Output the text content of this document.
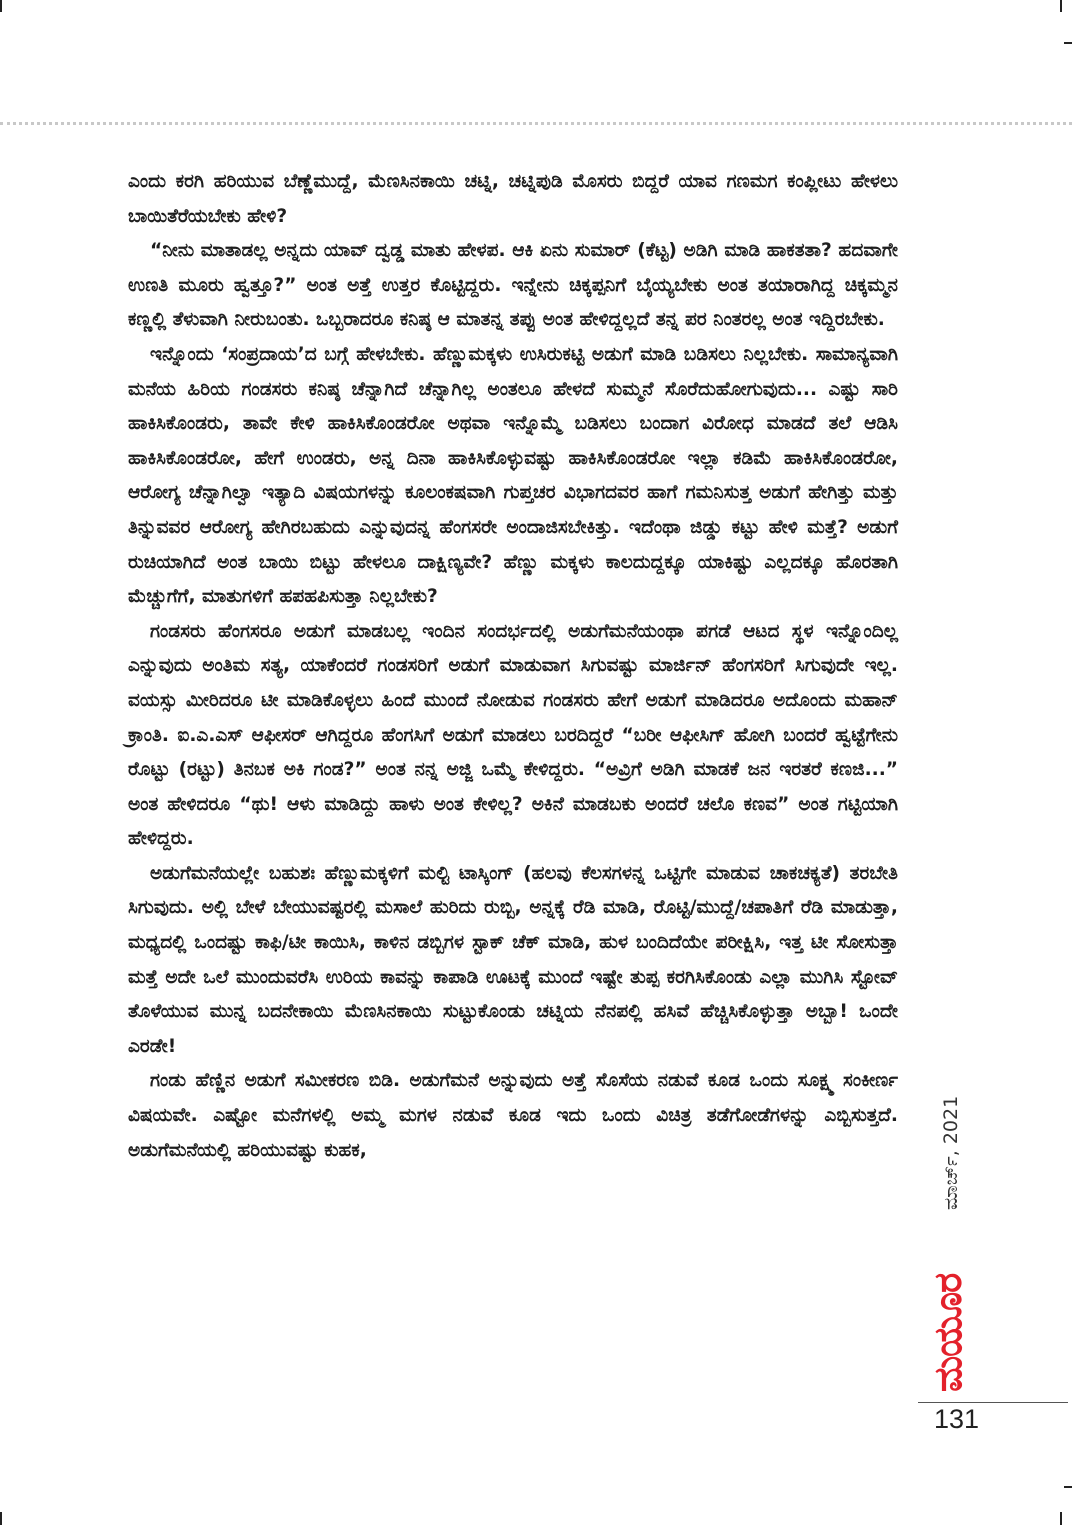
ಎಂದು ಕರಗಿ ಹರಿಯುವ ಬೆಣ್ಣೆಮುದ್ದೆ, ಮೆಣಸಿನಕಾಯಿ ಚಟ್ನಿ, ಚಟ್ನಿಪುಡಿ ಮೊಸರು ಬಿದ್ದರೆ ಯಾವ ಗಣಮಗ ಕಂಪ್ಲೀಟು ಹೇಳಲು ಬಾಯಿತೆರೆಯಬೇಕು ಹೇಳಿ?

“ನೀನು ಮಾತಾಡಲ್ಲ ಅನ್ನದು ಯಾವ್ ದ್ವಡ್ಡ ಮಾತು ಹೇಳಪ. ಆಕಿ ಏನು ಸುಮಾರ್ (ಕೆಟ್ಟ) ಅಡಿಗಿ ಮಾಡಿ ಹಾಕತತಾ? ಹದವಾಗೇ ಉಣತಿ ಮೂರು ಹ್ವತ್ತೂ?” ಅಂತ ಅತ್ತೆ ಉತ್ತರ ಕೊಟ್ಟಿದ್ದರು. ಇನ್ನೇನು ಚಿಕ್ಕಪ್ಪನಿಗೆ ಬೈಯ್ಯಬೇಕು ಅಂತ ತಯಾರಾಗಿದ್ದ ಚಿಕ್ಕಮ್ಮನ ಕಣ್ಣಲ್ಲಿ ತೆಳುವಾಗಿ ನೀರುಬಂತು. ಒಬ್ಬರಾದರೂ ಕನಿಷ್ಠ ಆ ಮಾತನ್ನ ತಪ್ಪು ಅಂತ ಹೇಳಿದ್ದಲ್ಲದೆ ತನ್ನ ಪರ ನಿಂತರಲ್ಲ ಅಂತ ಇದ್ದಿರಬೇಕು.

ಇನ್ನೊಂದು ‘ಸಂಪ್ರದಾಯ’ದ ಬಗ್ಗೆ ಹೇಳಬೇಕು. ಹೆಣ್ಣುಮಕ್ಕಳು ಉಸಿರುಕಟ್ಟಿ ಅಡುಗೆ ಮಾಡಿ ಬಡಿಸಲು ನಿಲ್ಲಬೇಕು. ಸಾಮಾನ್ಯವಾಗಿ ಮನೆಯ ಹಿರಿಯ ಗಂಡಸರು ಕನಿಷ್ಠ ಚೆನ್ನಾಗಿದೆ ಚೆನ್ನಾಗಿಲ್ಲ ಅಂತಲೂ ಹೇಳದೆ ಸುಮ್ಮನೆ ಸೊರೆದುಹೋಗುವುದು... ಎಷ್ಟು ಸಾರಿ ಹಾಕಿಸಿಕೊಂಡರು, ತಾವೇ ಕೇಳಿ ಹಾಕಿಸಿಕೊಂಡರೋ ಅಥವಾ ಇನ್ನೊಮ್ಮೆ ಬಡಿಸಲು ಬಂದಾಗ ವಿರೋಧ ಮಾಡದೆ ತಲೆ ಆಡಿಸಿ ಹಾಕಿಸಿಕೊಂಡರೋ, ಹೇಗೆ ಉಂಡರು, ಅನ್ನ ದಿನಾ ಹಾಕಿಸಿಕೊಳ್ಳುವಷ್ಟು ಹಾಕಿಸಿಕೊಂಡರೋ ಇಲ್ಲಾ ಕಡಿಮೆ ಹಾಕಿಸಿಕೊಂಡರೋ, ಆರೋಗ್ಯ ಚೆನ್ನಾಗಿಲ್ವಾ ಇತ್ಯಾದಿ ವಿಷಯಗಳನ್ನು ಕೂಲಂಕಷವಾಗಿ ಗುಪ್ತಚರ ವಿಭಾಗದವರ ಹಾಗೆ ಗಮನಿಸುತ್ತ ಅಡುಗೆ ಹೇಗಿತ್ತು ಮತ್ತು ತಿನ್ನುವವರ ಆರೋಗ್ಯ ಹೇಗಿರಬಹುದು ಎನ್ನುವುದನ್ನ ಹೆಂಗಸರೇ ಅಂದಾಜಿಸಬೇಕಿತ್ತು. ಇದೆಂಥಾ ಜಿಡ್ಡು ಕಟ್ಟು ಹೇಳಿ ಮತ್ತೆ? ಅಡುಗೆ ರುಚಿಯಾಗಿದೆ ಅಂತ ಬಾಯಿ ಬಿಟ್ಟು ಹೇಳಲೂ ದಾಕ್ಷಿಣ್ಯವೇ? ಹೆಣ್ಣು ಮಕ್ಕಳು ಕಾಲದುದ್ದಕ್ಕೂ ಯಾಕಿಷ್ಟು ಎಲ್ಲದಕ್ಕೂ ಹೊರತಾಗಿ ಮೆಚ್ಚುಗೆಗೆ, ಮಾತುಗಳಿಗೆ ಹಪಹಪಿಸುತ್ತಾ ನಿಲ್ಲಬೇಕು?

ಗಂಡಸರು ಹೆಂಗಸರೂ ಅಡುಗೆ ಮಾಡಬಲ್ಲ ಇಂದಿನ ಸಂದರ್ಭದಲ್ಲಿ ಅಡುಗೆಮನೆಯಂಥಾ ಪಗಡೆ ಆಟದ ಸ್ಥಳ ಇನ್ನೊಂದಿಲ್ಲ ಎನ್ನುವುದು ಅಂತಿಮ ಸತ್ಯ, ಯಾಕೆಂದರೆ ಗಂಡಸರಿಗೆ ಅಡುಗೆ ಮಾಡುವಾಗ ಸಿಗುವಷ್ಟು ಮಾರ್ಜಿನ್ ಹೆಂಗಸರಿಗೆ ಸಿಗುವುದೇ ಇಲ್ಲ. ವಯಸ್ಸು ಮೀರಿದರೂ ಟೀ ಮಾಡಿಕೊಳ್ಳಲು ಹಿಂದೆ ಮುಂದೆ ನೋಡುವ ಗಂಡಸರು ಹೇಗೆ ಅಡುಗೆ ಮಾಡಿದರೂ ಅದೊಂದು ಮಹಾನ್ ಕ್ರಾಂತಿ. ಐ.ಎ.ಎಸ್ ಆಫೀಸರ್ ಆಗಿದ್ದರೂ ಹೆಂಗಸಿಗೆ ಅಡುಗೆ ಮಾಡಲು ಬರದಿದ್ದರೆ “ಬರೀ ಆಫೀಸಿಗ್ ಹೋಗಿ ಬಂದರೆ ಹ್ವಟ್ಟೆಗೇನು ರೊಟ್ಟು (ರಟ್ಟು) ತಿನಬಕ ಅಕಿ ಗಂಡ?” ಅಂತ ನನ್ನ ಅಜ್ಜಿ ಒಮ್ಮೆ ಕೇಳಿದ್ದರು. “ಅವ್ರಿಗೆ ಅಡಿಗಿ ಮಾಡಕೆ ಜನ ಇರತರೆ ಕಣಜಿ...” ಅಂತ ಹೇಳಿದರೂ “ಥು! ಆಳು ಮಾಡಿದ್ದು ಹಾಳು ಅಂತ ಕೇಳಿಲ್ಲ? ಅಕಿನೆ ಮಾಡಬಕು ಅಂದರೆ ಚಲೊ ಕಣವ” ಅಂತ ಗಟ್ಟಿಯಾಗಿ ಹೇಳಿದ್ದರು.

ಅಡುಗೆಮನೆಯಲ್ಲೇ ಬಹುಶಃ ಹೆಣ್ಣುಮಕ್ಕಳಿಗೆ ಮಲ್ಟಿ ಟಾಸ್ಕಿಂಗ್ (ಹಲವು ಕೆಲಸಗಳನ್ನ ಒಟ್ಟಿಗೇ ಮಾಡುವ ಚಾಕಚಕ್ಯತೆ) ತರಬೇತಿ ಸಿಗುವುದು. ಅಲ್ಲಿ ಬೇಳೆ ಬೇಯುವಷ್ಟರಲ್ಲಿ ಮಸಾಲೆ ಹುರಿದು ರುಬ್ಬಿ, ಅನ್ನಕ್ಕೆ ರೆಡಿ ಮಾಡಿ, ರೊಟ್ಟಿ/ಮುದ್ದೆ/ಚಪಾತಿಗೆ ರೆಡಿ ಮಾಡುತ್ತಾ, ಮಧ್ಯದಲ್ಲಿ ಒಂದಷ್ಟು ಕಾಫಿ/ಟೀ ಕಾಯಿಸಿ, ಕಾಳಿನ ಡಬ್ಬಿಗಳ ಸ್ಟಾಕ್ ಚೆಕ್ ಮಾಡಿ, ಹುಳ ಬಂದಿದೆಯೇ ಪರೀಕ್ಷಿಸಿ, ಇತ್ತ ಟೀ ಸೋಸುತ್ತಾ ಮತ್ತೆ ಅದೇ ಒಲೆ ಮುಂದುವರೆಸಿ ಉರಿಯ ಕಾವನ್ನು ಕಾಪಾಡಿ ಊಟಕ್ಕೆ ಮುಂದೆ ಇಷ್ಟೇ ತುಪ್ಪ ಕರಗಿಸಿಕೊಂಡು ಎಲ್ಲಾ ಮುಗಿಸಿ ಸ್ಟೋವ್ ತೊಳೆಯುವ ಮುನ್ನ ಬದನೇಕಾಯಿ ಮೆಣಸಿನಕಾಯಿ ಸುಟ್ಟುಕೊಂಡು ಚಟ್ನಿಯ ನೆನಪಲ್ಲಿ ಹಸಿವೆ ಹೆಚ್ಚಿಸಿಕೊಳ್ಳುತ್ತಾ ಅಬ್ಬಾ! ಒಂದೇ ಎರಡೇ!

ಗಂಡು ಹೆಣ್ಣಿನ ಅಡುಗೆ ಸಮೀಕರಣ ಬಿಡಿ. ಅಡುಗೆಮನೆ ಅನ್ನುವುದು ಅತ್ತೆ ಸೊಸೆಯ ನಡುವೆ ಕೂಡ ಒಂದು ಸೂಕ್ಷ್ಮ ಸಂಕೀರ್ಣ ವಿಷಯವೇ. ಎಷ್ಟೋ ಮನೆಗಳಲ್ಲಿ ಅಮ್ಮ ಮಗಳ ನಡುವೆ ಕೂಡ ಇದು ಒಂದು ವಿಚಿತ್ರ ತಡೆಗೋಡೆಗಳನ್ನು ಎಬ್ಬಿಸುತ್ತದೆ. ಅಡುಗೆಮನೆಯಲ್ಲಿ ಹರಿಯುವಷ್ಟು ಕುಹಕ,	ಮಾರ್ಚ್, 2021
ಮಯೂರ
131
